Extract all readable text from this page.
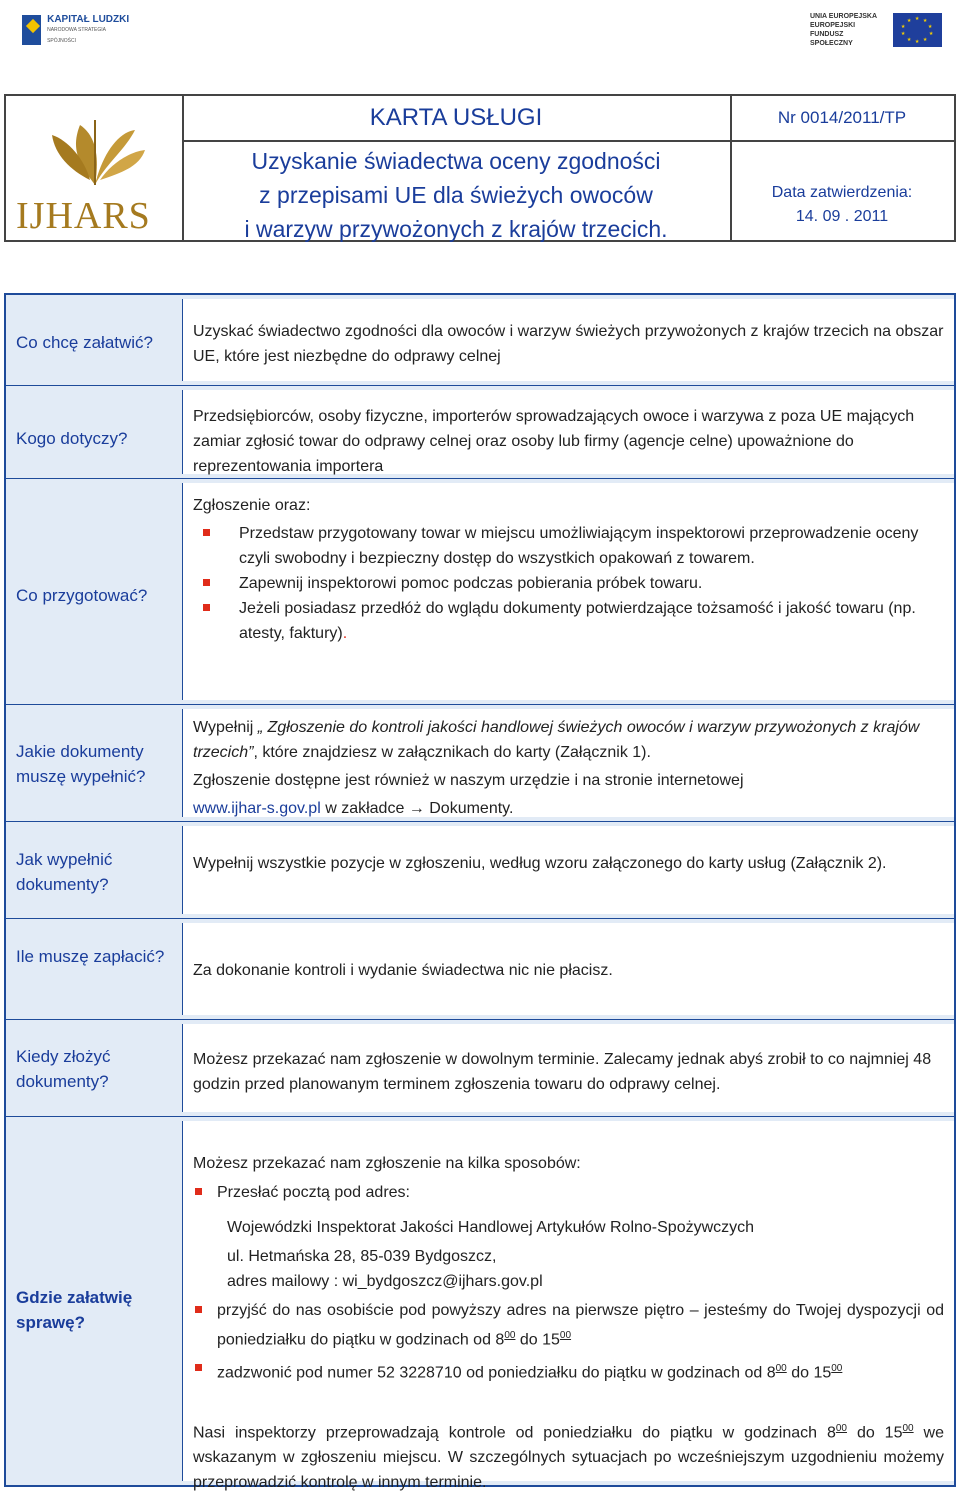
KAPITAŁ LUDZKI
NARODOWA STRATEGIA SPÓJNOŚCI
UNIA EUROPEJSKA
EUROPEJSKI
FUNDUSZ SPOŁECZNY
★ ★
★
★
★
★
★
★
★
★
IJHARS
KARTA USŁUGI
Uzyskanie świadectwa oceny zgodności
z przepisami UE dla świeżych owoców
i warzyw przywożonych z krajów trzecich.
Nr 0014/2011/TP
Data zatwierdzenia:
14. 09 . 2011
Co chcę załatwić?
Uzyskać świadectwo zgodności dla owoców i warzyw świeżych przywożonych z krajów trzecich na obszar UE, które jest niezbędne do odprawy celnej
Kogo dotyczy?
Przedsiębiorców, osoby fizyczne, importerów sprowadzających owoce i warzywa z poza UE mających zamiar zgłosić towar do odprawy celnej oraz osoby lub firmy (agencje celne) upoważnione do reprezentowania importera
Co przygotować?
Zgłoszenie oraz:
Przedstaw przygotowany towar w miejscu umożliwiającym inspektorowi przeprowadzenie oceny czyli swobodny i bezpieczny dostęp do wszystkich opakowań z towarem.
Zapewnij inspektorowi pomoc podczas pobierania próbek towaru.
Jeżeli posiadasz przedłóż do wglądu dokumenty potwierdzające tożsamość i jakość towaru (np. atesty, faktury).
Jakie dokumenty muszę wypełnić?
Wypełnij „ Zgłoszenie do kontroli jakości handlowej świeżych owoców i warzyw przywożonych z krajów trzecich”, które znajdziesz w załącznikach do karty (Załącznik 1).
Zgłoszenie dostępne jest również w naszym urzędzie i na stronie internetowej
www.ijhar-s.gov.pl w zakładce → Dokumenty.
Jak wypełnić dokumenty?
Wypełnij wszystkie pozycje w zgłoszeniu, według wzoru załączonego do karty usług (Załącznik 2).
Ile muszę zapłacić?
Za dokonanie kontroli i wydanie świadectwa nic nie płacisz.
Kiedy złożyć dokumenty?
Możesz przekazać nam zgłoszenie w dowolnym terminie. Zalecamy jednak abyś zrobił to co najmniej 48 godzin przed planowanym terminem zgłoszenia towaru do odprawy celnej.
Gdzie załatwię sprawę?
Możesz przekazać nam zgłoszenie na kilka sposobów:
Przesłać pocztą pod adres:
Wojewódzki Inspektorat Jakości Handlowej Artykułów Rolno-Spożywczych
ul. Hetmańska 28, 85-039 Bydgoszcz,
adres mailowy : wi_bydgoszcz@ijhars.gov.pl
przyjść do nas osobiście pod powyższy adres na pierwsze piętro – jesteśmy do Twojej dyspozycji od poniedziałku do piątku w godzinach od $8^{00}$ do $15^{00}$
zadzwonić pod numer 52 3228710 od poniedziałku do piątku w godzinach od $8^{00}$ do $15^{00}$
Nasi inspektorzy przeprowadzają kontrole od poniedziałku do piątku w godzinach $8^{00}$ do $15^{00}$ we wskazanym w zgłoszeniu miejscu. W szczególnych sytuacjach po wcześniejszym uzgodnieniu możemy przeprowadzić kontrolę w innym terminie.
